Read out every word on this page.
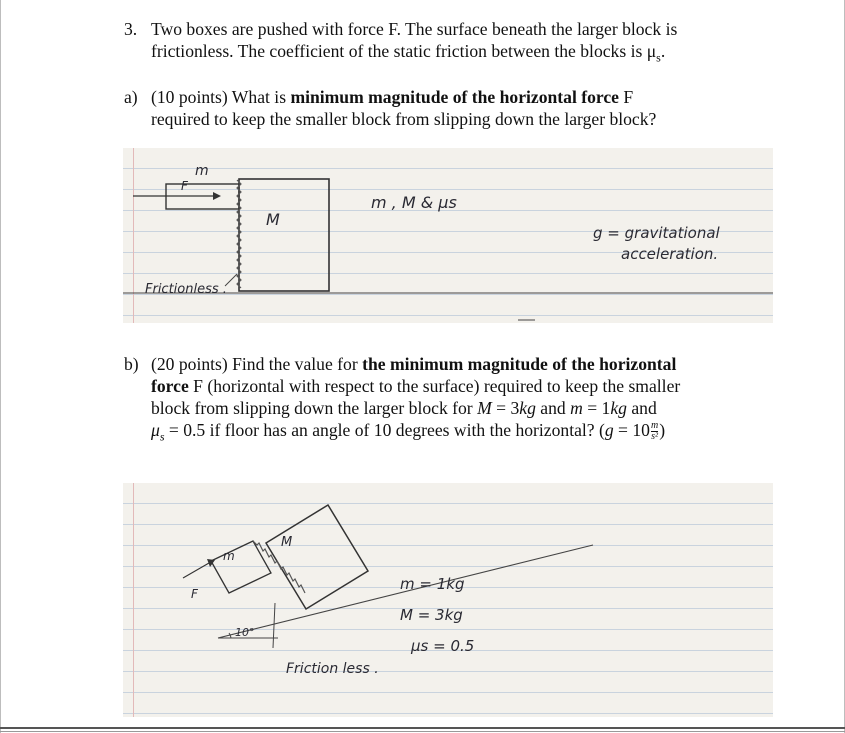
3. Two boxes are pushed with force F. The surface beneath the larger block is
frictionless. The coefficient of the static friction between the blocks is $\mu_s$.
a) (10 points) What is minimum magnitude of the horizontal force F
required to keep the smaller block from slipping down the larger block?
m
F
M
m , M & μs
g = gravitational
acceleration.
Frictionless .
b) (20 points) Find the value for the minimum magnitude of the horizontal
force F (horizontal with respect to the surface) required to keep the smaller
block from slipping down the larger block for M = 3kg and m = 1kg and
$\mu_s = 0.5$ if floor has an angle of 10 degrees with the horizontal? ($g = 10 \frac{m}{\text{s²}}$ )
m
M
F
10°
m = 1kg
M = 3kg
μs = 0.5
Friction less .
